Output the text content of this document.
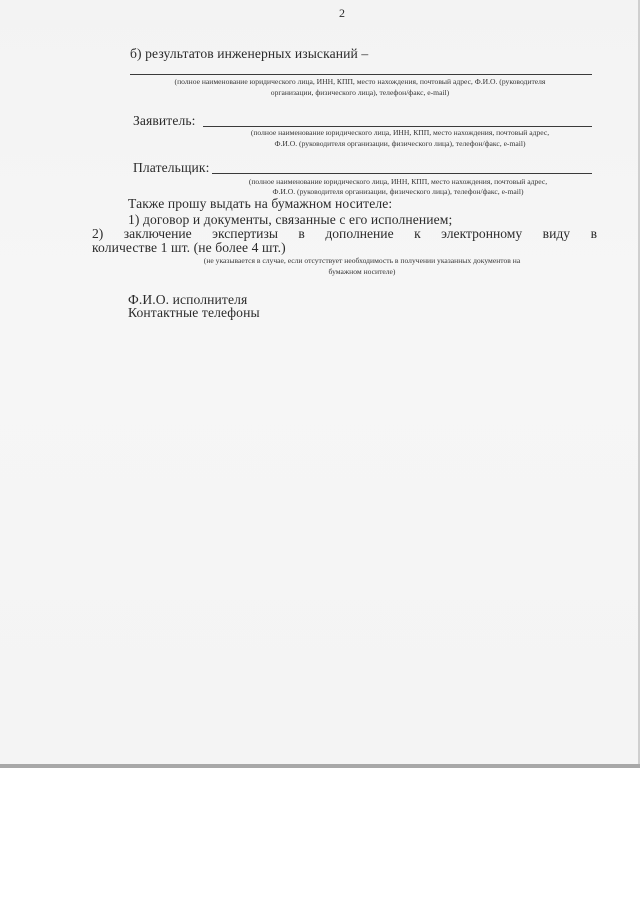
2
б) результатов инженерных изысканий –
(полное наименование юридического лица, ИНН, КПП, место нахождения, почтовый адрес, Ф.И.О. (руководителя
организации, физического лица), телефон/факс, e-mail)
Заявитель:
(полное наименование юридического лица, ИНН, КПП, место нахождения, почтовый адрес,
Ф.И.О. (руководителя организации, физического лица), телефон/факс, e-mail)
Плательщик:
(полное наименование юридического лица, ИНН, КПП, место нахождения, почтовый адрес,
Ф.И.О. (руководителя организации, физического лица), телефон/факс, e-mail)
Также прошу выдать на бумажном носителе:
1) договор и документы, связанные с его исполнением;
2) заключение экспертизы в дополнение к электронному виду в
количестве 1 шт. (не более 4 шт.)
(не указывается в случае, если отсутствует необходимость в получении указанных документов на
бумажном носителе)
Ф.И.О. исполнителя
Контактные телефоны
